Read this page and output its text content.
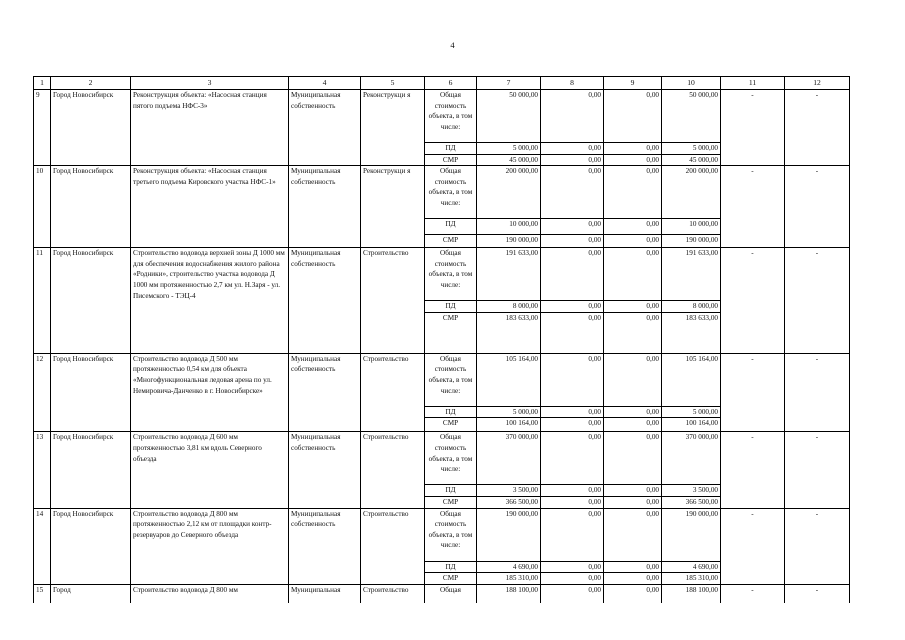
4
1	2	3	4	5	6	7	8	9	10	11	12
9	Город Новосибирск	Реконструкция объекта: «Насосная станция пятого подъема НФС-3»	Муниципальная собственность	Реконструкци я	Общая стоимость объекта, в том числе:	50 000,00	0,00	0,00	50 000,00	-	-
					ПД	5 000,00	0,00	0,00	5 000,00		
					СМР	45 000,00	0,00	0,00	45 000,00		
10	Город Новосибирск	Реконструкция объекта: «Насосная станция третьего подъема Кировского участка НФС-1»	Муниципальная собственность	Реконструкци я	Общая стоимость объекта, в том числе:	200 000,00	0,00	0,00	200 000,00	-	-
					ПД	10 000,00	0,00	0,00	10 000,00		
					СМР	190 000,00	0,00	0,00	190 000,00		
11	Город Новосибирск	Строительство водовода верхней зоны Д 1000 мм для обеспечения водоснабжения жилого района «Родники», строительство участка водовода Д 1000 мм протяженностью 2,7 км ул. Н.Заря - ул. Писемского - ТЭЦ-4	Муниципальная собственность	Строительство	Общая стоимость объекта, в том числе:	191 633,00	0,00	0,00	191 633,00	-	-
					ПД	8 000,00	0,00	0,00	8 000,00		
					СМР	183 633,00	0,00	0,00	183 633,00		
12	Город Новосибирск	Строительство водовода Д 500 мм протяженностью 0,54 км для объекта «Многофункциональная ледовая арена по ул. Немировича-Данченко в г. Новосибирске»	Муниципальная собственность	Строительство	Общая стоимость объекта, в том числе:	105 164,00	0,00	0,00	105 164,00	-	-
					ПД	5 000,00	0,00	0,00	5 000,00		
					СМР	100 164,00	0,00	0,00	100 164,00		
13	Город Новосибирск	Строительство водовода Д 600 мм протяженностью 3,81 км вдоль Северного объезда	Муниципальная собственность	Строительство	Общая стоимость объекта, в том числе:	370 000,00	0,00	0,00	370 000,00	-	-
					ПД	3 500,00	0,00	0,00	3 500,00		
					СМР	366 500,00	0,00	0,00	366 500,00		
14	Город Новосибирск	Строительство водовода Д 800 мм протяженностью 2,12 км от площадки контр-резервуаров до Северного объезда	Муниципальная собственность	Строительство	Общая стоимость объекта, в том числе:	190 000,00	0,00	0,00	190 000,00	-	-
					ПД	4 690,00	0,00	0,00	4 690,00		
					СМР	185 310,00	0,00	0,00	185 310,00		
15	Город	Строительство водовода Д 800 мм	Муниципальная	Строительство	Общая	188 100,00	0,00	0,00	188 100,00	-	-
